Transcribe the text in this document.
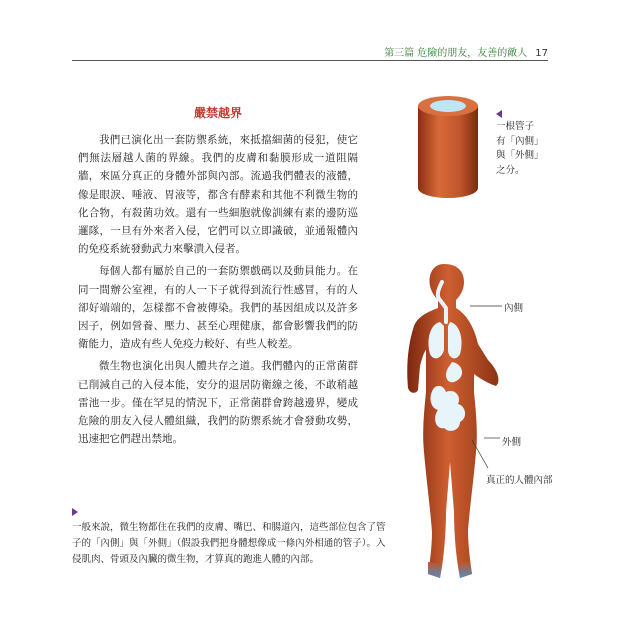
第三篇 危險的朋友，友善的敵人 17
嚴禁越界

我們已演化出一套防禦系統，來抵擋細菌的侵犯，使它們無法層越人菌的界線。我們的皮膚和黏膜形成一道阻隔牆，來區分真正的身體外部與內部。流過我們體表的液體，像是眼淚、唾液、胃液等，都含有酵素和其他不利微生物的化合物，有殺菌功效。還有一些細胞就像訓練有素的邊防巡邏隊，一旦有外來者入侵，它們可以立即識破，並通報體內的免疫系統發動武力來擊潰入侵者。

每個人都有屬於自己的一套防禦戲碼以及動員能力。在同一間辦公室裡，有的人一下子就得到流行性感冒，有的人卻好端端的，怎樣都不會被傳染。我們的基因組成以及許多因子，例如營養、壓力、甚至心理健康，都會影響我們的防衛能力，造成有些人免疫力較好、有些人較差。

微生物也演化出與人體共存之道。我們體內的正常菌群已削減自己的入侵本能，安分的退居防衛線之後，不敢稍越雷池一步。僅在罕見的情況下，正常菌群會跨越邊界，變成危險的朋友入侵人體組織，我們的防禦系統才會發動攻勢，迅速把它們趕出禁地。

一根管子
有「內側」
與「外側」
之分。
內側
外側
真正的人體內部
一般來說，微生物都住在我們的皮膚、嘴巴、和腸道內，這些部位包含了管子的「內側」與「外側」（假設我們把身體想像成一條內外相通的管子）。入侵肌肉、骨頭及內臟的微生物，才算真的跑進人體的內部。
